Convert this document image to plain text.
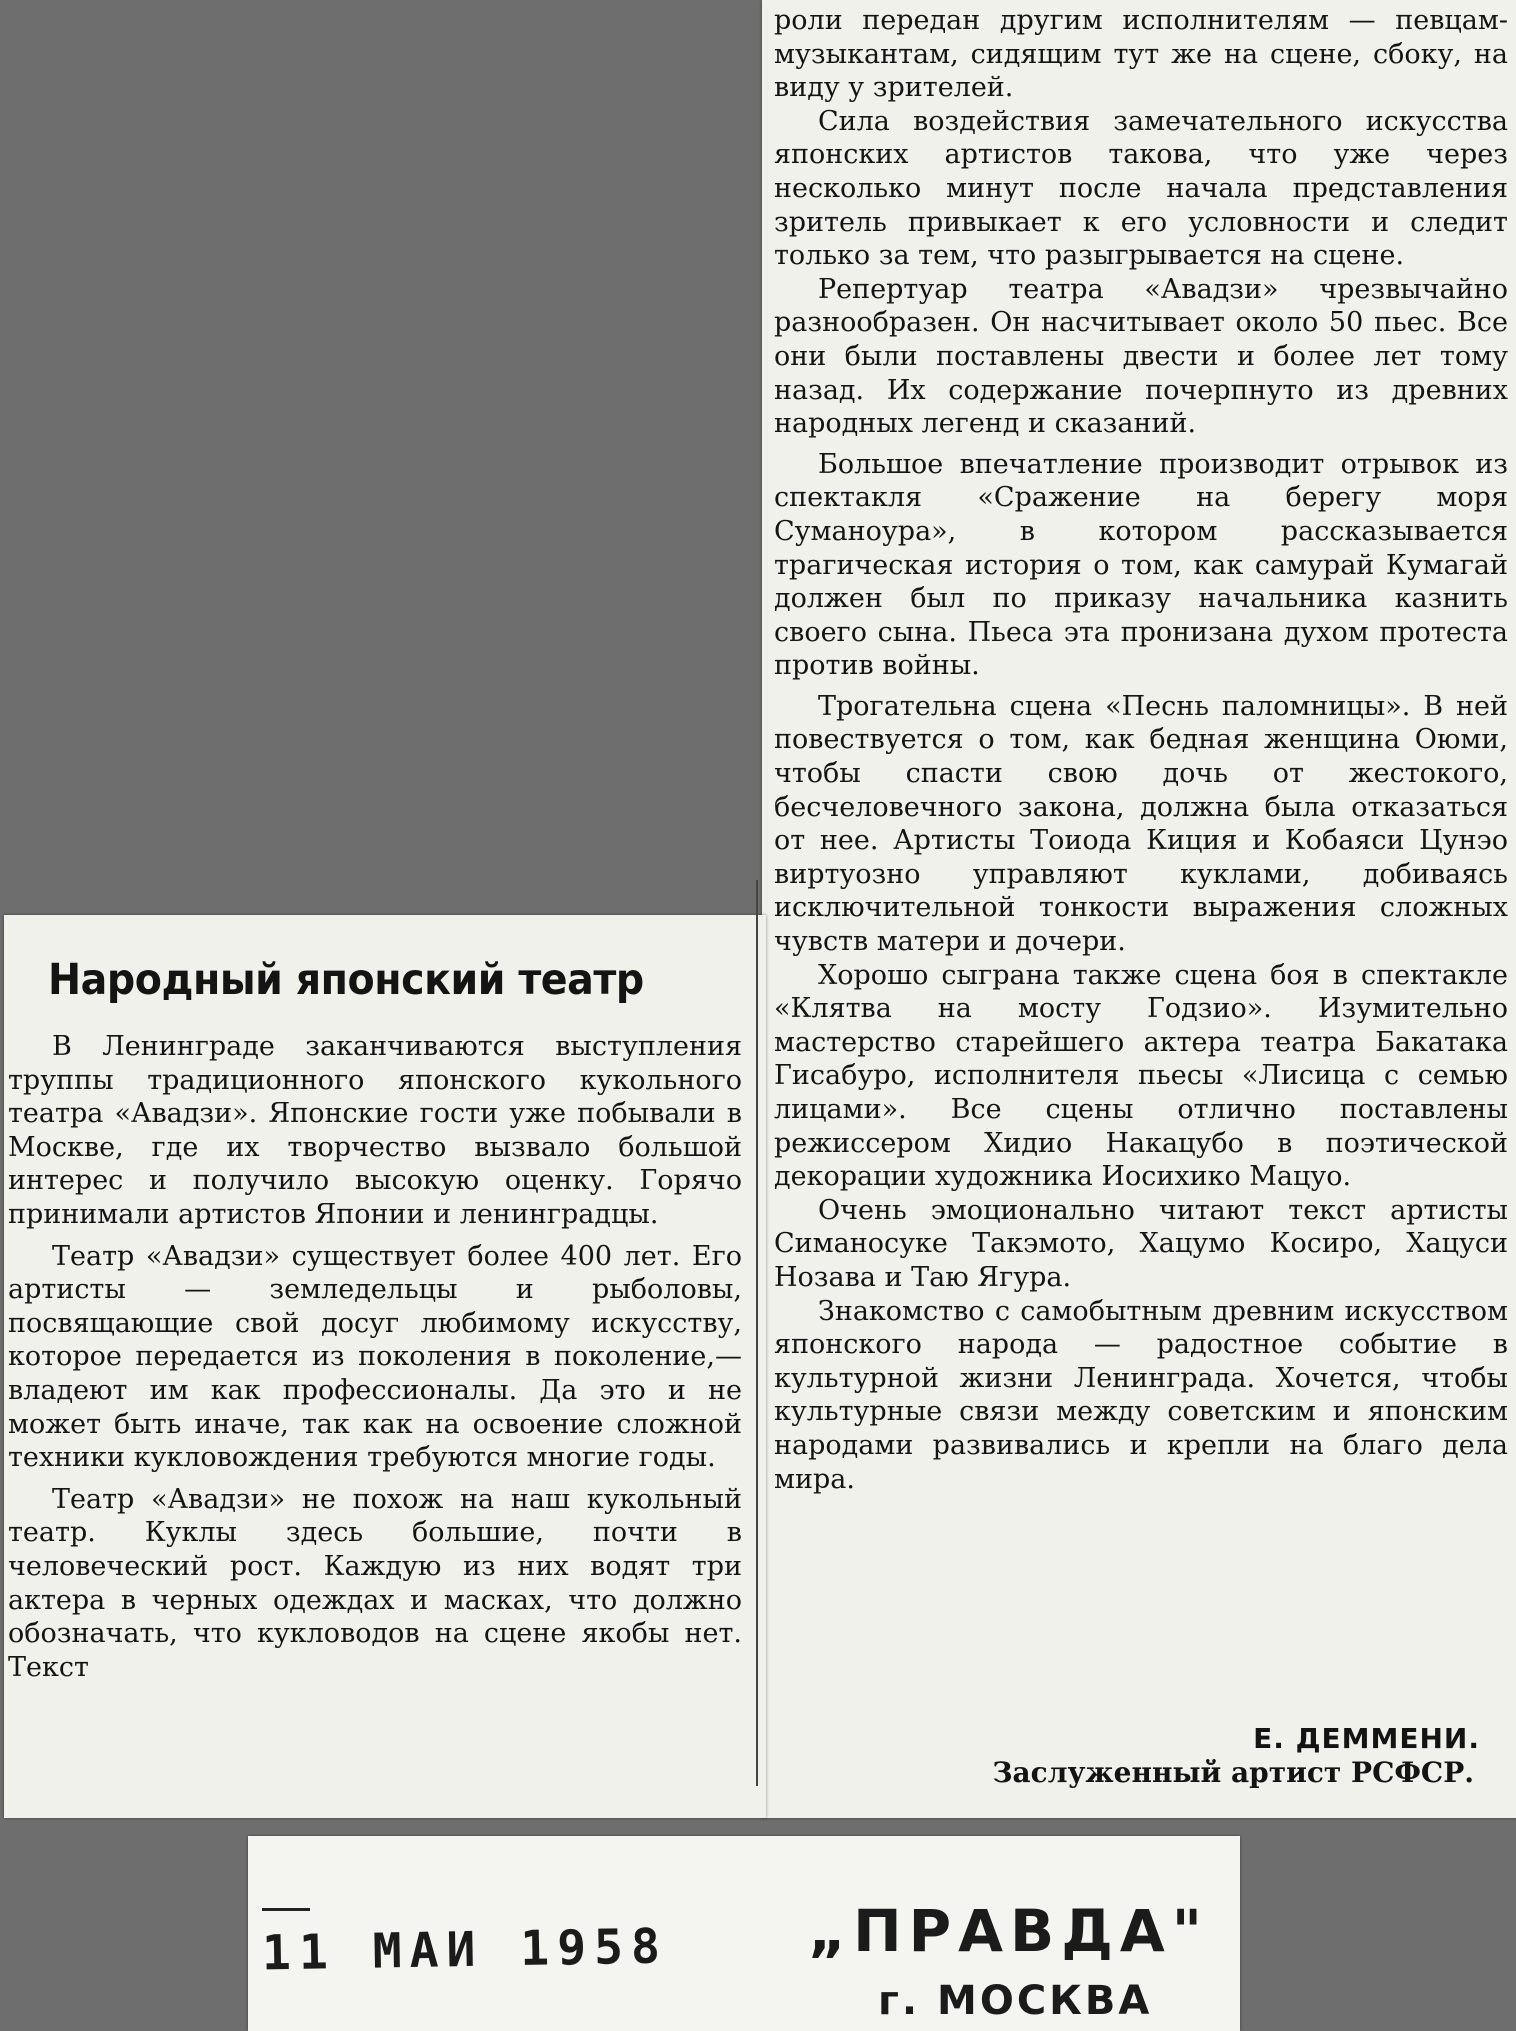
Народный японский театр

В Ленинграде заканчиваются выступления труппы традиционного японского кукольного театра «Авадзи». Японские гости уже побывали в Москве, где их творчество вызвало большой интерес и получило высокую оценку. Горячо принимали артистов Японии и ленинградцы.

Театр «Авадзи» существует более 400 лет. Его артисты — земледельцы и рыболовы, посвящающие свой досуг любимому искусству, которое передается из поколения в поколение,— владеют им как профессионалы. Да это и не может быть иначе, так как на освоение сложной техники кукловождения требуются многие годы.

Театр «Авадзи» не похож на наш кукольный театр. Куклы здесь большие, почти в человеческий рост. Каждую из них водят три актера в черных одеждах и масках, что должно обозначать, что кукловодов на сцене якобы нет. Текст

роли передан другим исполнителям — певцам-музыкантам, сидящим тут же на сцене, сбоку, на виду у зрителей.

Сила воздействия замечательного искусства японских артистов такова, что уже через несколько минут после начала представления зритель привыкает к его условности и следит только за тем, что разыгрывается на сцене.

Репертуар театра «Авадзи» чрезвычайно разнообразен. Он насчитывает около 50 пьес. Все они были поставлены двести и более лет тому назад. Их содержание почерпнуто из древних народных легенд и сказаний.

Большое впечатление производит отрывок из спектакля «Сражение на берегу моря Суманоура», в котором рассказывается трагическая история о том, как самурай Кумагай должен был по приказу начальника казнить своего сына. Пьеса эта пронизана духом протеста против войны.

Трогательна сцена «Песнь паломницы». В ней повествуется о том, как бедная женщина Оюми, чтобы спасти свою дочь от жестокого, бесчеловечного закона, должна была отказаться от нее. Артисты Тоиода Киция и Кобаяси Цунэо виртуозно управляют куклами, добиваясь исключительной тонкости выражения сложных чувств матери и дочери.

Хорошо сыграна также сцена боя в спектакле «Клятва на мосту Годзио». Изумительно мастерство старейшего актера театра Бакатака Гисабуро, исполнителя пьесы «Лисица с семью лицами». Все сцены отлично поставлены режиссером Хидио Накацубо в поэтической декорации художника Иосихико Мацуо.

Очень эмоционально читают текст артисты Симаносуке Такэмото, Хацумо Косиро, Хацуси Нозава и Таю Ягура.

Знакомство с самобытным древним искусством японского народа — радостное событие в культурной жизни Ленинграда. Хочется, чтобы культурные связи между советским и японским народами развивались и крепли на благо дела мира.

Е. ДЕММЕНИ.
Заслуженный артист РСФСР.
11 МАИ 1958 „ПРАВДА"
г. МОСКВА
